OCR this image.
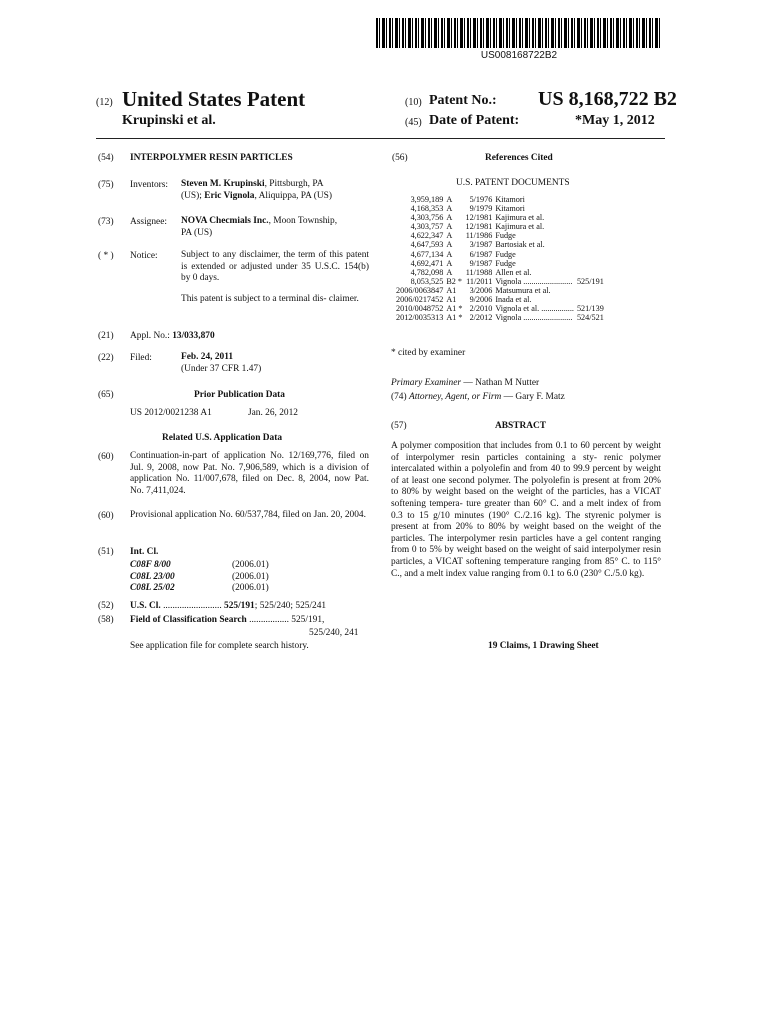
US008168722B2
(12) United States Patent
Krupinski et al.
(10) Patent No.: US 8,168,722 B2
(45) Date of Patent:	*May 1, 2012
(54) INTERPOLYMER RESIN PARTICLES
(75) Inventors: Steven M. Krupinski, Pittsburgh, PA
(US); Eric Vignola, Aliquippa, PA (US)
(73) Assignee: NOVA Checmials Inc., Moon Township,
PA (US)
( * ) Notice: Subject to any disclaimer, the term of this patent is extended or adjusted under 35 U.S.C. 154(b) by 0 days.
This patent is subject to a terminal dis- claimer.
(21) Appl. No.: 13/033,870
(22) Filed:	Feb. 24, 2011
(Under 37 CFR 1.47)
(65)	Prior Publication Data
US 2012/0021238 A1	Jan. 26, 2012
Related U.S. Application Data
(60) Continuation-in-part of application No. 12/169,776, filed on Jul. 9, 2008, now Pat. No. 7,906,589, which is a division of application No. 11/007,678, filed on Dec. 8, 2004, now Pat. No. 7,411,024.
(60) Provisional application No. 60/537,784, filed on Jan. 20, 2004.
(51) Int. Cl.
C08F 8/00	(2006.01)
C08L 23/00	(2006.01)
C08L 25/02	(2006.01)
(52) U.S. Cl. ......................... 525/191; 525/240; 525/241
(58) Field of Classification Search ................. 525/191,
525/240, 241
See application file for complete search history.
(56)	References Cited
U.S. PATENT DOCUMENTS
3,959,189	A	5/1976	Kitamori	
4,168,353	A	9/1979	Kitamori	
4,303,756	A	12/1981	Kajimura et al.	
4,303,757	A	12/1981	Kajimura et al.	
4,622,347	A	11/1986	Fudge	
4,647,593	A	3/1987	Bartosiak et al.	
4,677,134	A	6/1987	Fudge	
4,692,471	A	9/1987	Fudge	
4,782,098	A	11/1988	Allen et al.	
8,053,525	B2 *	11/2011	Vignola ........................	525/191
2006/0063847	A1	3/2006	Matsumura et al.	
2006/0217452	A1	9/2006	Inada et al.	
2010/0048752	A1 *	2/2010	Vignola et al. ................	521/139
2012/0035313	A1 *	2/2012	Vignola ........................	524/521
* cited by examiner
Primary Examiner — Nathan M Nutter
(74) Attorney, Agent, or Firm — Gary F. Matz
(57)	ABSTRACT
A polymer composition that includes from 0.1 to 60 percent by weight of interpolymer resin particles containing a sty- renic polymer intercalated within a polyolefin and from 40 to 99.9 percent by weight of at least one second polymer. The polyolefin is present at from 20% to 80% by weight based on the weight of the particles, has a VICAT softening tempera- ture greater than 60° C. and a melt index of from 0.3 to 15 g/10 minutes (190° C./2.16 kg). The styrenic polymer is present at from 20% to 80% by weight based on the weight of the particles. The interpolymer resin particles have a gel content ranging from 0 to 5% by weight based on the weight of said interpolymer resin particles, a VICAT softening temperature ranging from 85° C. to 115° C., and a melt index value ranging from 0.1 to 6.0 (230° C./5.0 kg).
19 Claims, 1 Drawing Sheet
